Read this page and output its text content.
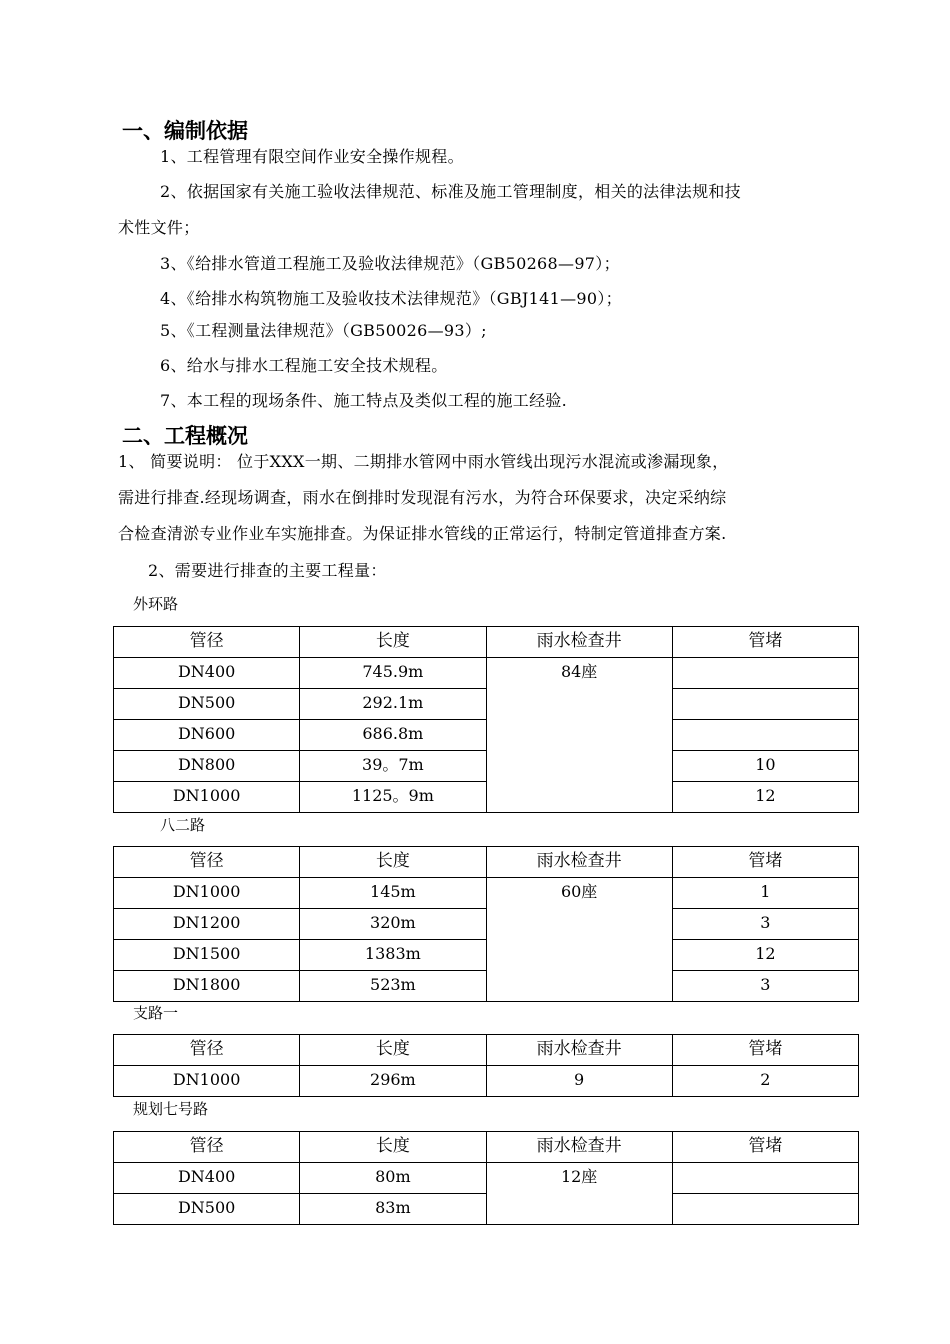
一、编制依据
1、工程管理有限空间作业安全操作规程。
2、依据国家有关施工验收法律规范、标准及施工管理制度，相关的法律法规和技
术性文件；
3、《给排水管道工程施工及验收法律规范》（GB50268—97）；
4、《给排水构筑物施工及验收技术法律规范》（GBJ141—90）；
5、《工程测量法律规范》（GB50026—93）;
6、给水与排水工程施工安全技术规程。
7、本工程的现场条件、施工特点及类似工程的施工经验.
二、工程概况
1、 简要说明： 位于XXX一期、二期排水管网中雨水管线出现污水混流或渗漏现象，
需进行排查.经现场调查，雨水在倒排时发现混有污水，为符合环保要求，决定采纳综
合检查清淤专业作业车实施排查。为保证排水管线的正常运行，特制定管道排查方案.
2、需要进行排查的主要工程量：
外环路
管径	长度	雨水检查井	管堵
DN400	745.9m	84座	
DN500	292.1m		
DN600	686.8m		
DN800	39。7m		10
DN1000	1125。9m		12
八二路
管径	长度	雨水检查井	管堵
DN1000	145m	60座	1
DN1200	320m		3
DN1500	1383m		12
DN1800	523m		3
支路一
管径	长度	雨水检查井	管堵
DN1000	296m	9	2
规划七号路
管径	长度	雨水检查井	管堵
DN400	80m	12座	
DN500	83m		
